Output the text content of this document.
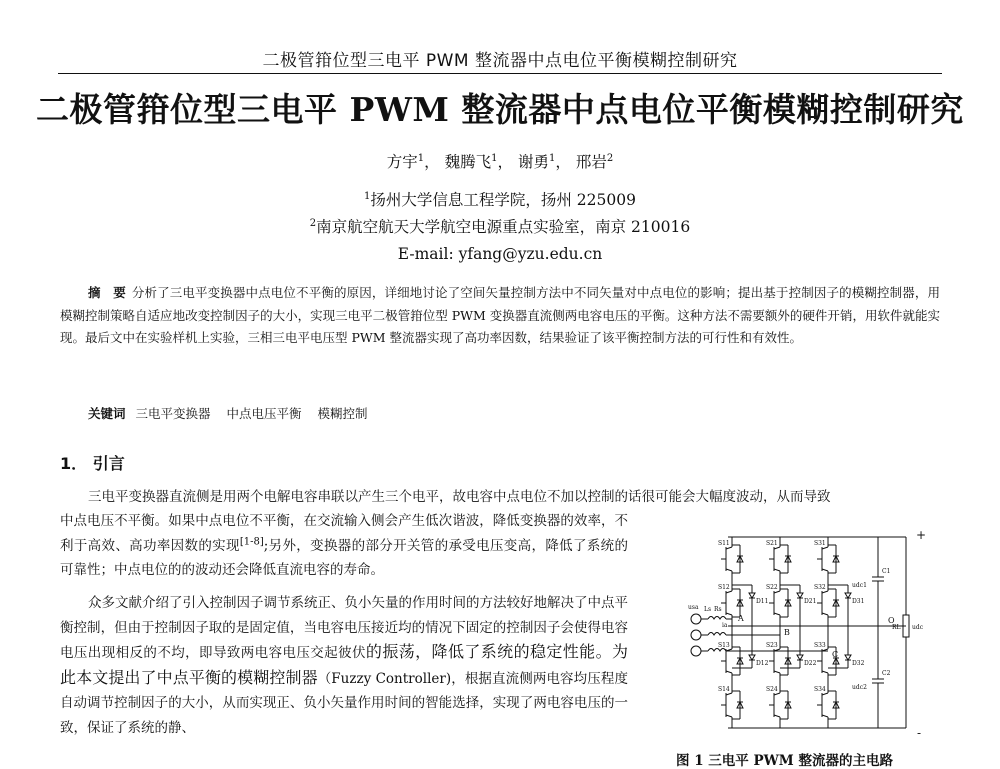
二极管箝位型三电平 PWM 整流器中点电位平衡模糊控制研究
二极管箝位型三电平 PWM 整流器中点电位平衡模糊控制研究
方宇$^1$， 魏腾飞$^1$， 谢勇$^1$， 邢岩$^2$
$^1$扬州大学信息工程学院，扬州 225009
$^2$南京航空航天大学航空电源重点实验室，南京 210016
E-mail: yfang@yzu.edu.cn
摘　要 分析了三电平变换器中点电位不平衡的原因，详细地讨论了空间矢量控制方法中不同矢量对中点电位的影响；提出基于控制因子的模糊控制器，用模糊控制策略自适应地改变控制因子的大小，实现三电平二极管箝位型 PWM 变换器直流侧两电容电压的平衡。这种方法不需要额外的硬件开销，用软件就能实现。最后文中在实验样机上实验，三相三电平电压型 PWM 整流器实现了高功率因数，结果验证了该平衡控制方法的可行性和有效性。
关键词 三电平变换器 中点电压平衡 模糊控制
1． 引言
三电平变换器直流侧是用两个电解电容串联以产生三个电平，故电容中点电位不加以控制的话很可能会大幅度波动，从而导致
中点电压不平衡。如果中点电位不平衡，在交流输入侧会产生低次谐波，降低变换器的效率，不利于高效、高功率因数的实现[1-8];另外，变换器的部分开关管的承受电压变高，降低了系统的可靠性；中点电位的的波动还会降低直流电容的寿命。
众多文献介绍了引入控制因子调节系统正、负小矢量的作用时间的方法较好地解决了中点平衡控制，但由于控制因子取的是固定值，当电容电压接近均的情况下固定的控制因子会使得电容电压出现相反的不均，即导致两电容电压交起彼伏的振荡，降低了系统的稳定性能。为此本文提出了中点平衡的模糊控制器（Fuzzy Controller)，根据直流侧两电容均压程度自动调节控制因子的大小，从而实现正、负小矢量作用时间的智能选择，实现了两电容电压的一致，保证了系统的静、
+
-
S11
S12
S13
S14
D11
D12
S21
S22
S23
S24
D21
D22
S31
S32
S33
S34
D31
D32
O
A
B
C
usa Ls Rs
ia
C1
C2
udc1
udc2
RL udc
图 1 三电平 PWM 整流器的主电路
